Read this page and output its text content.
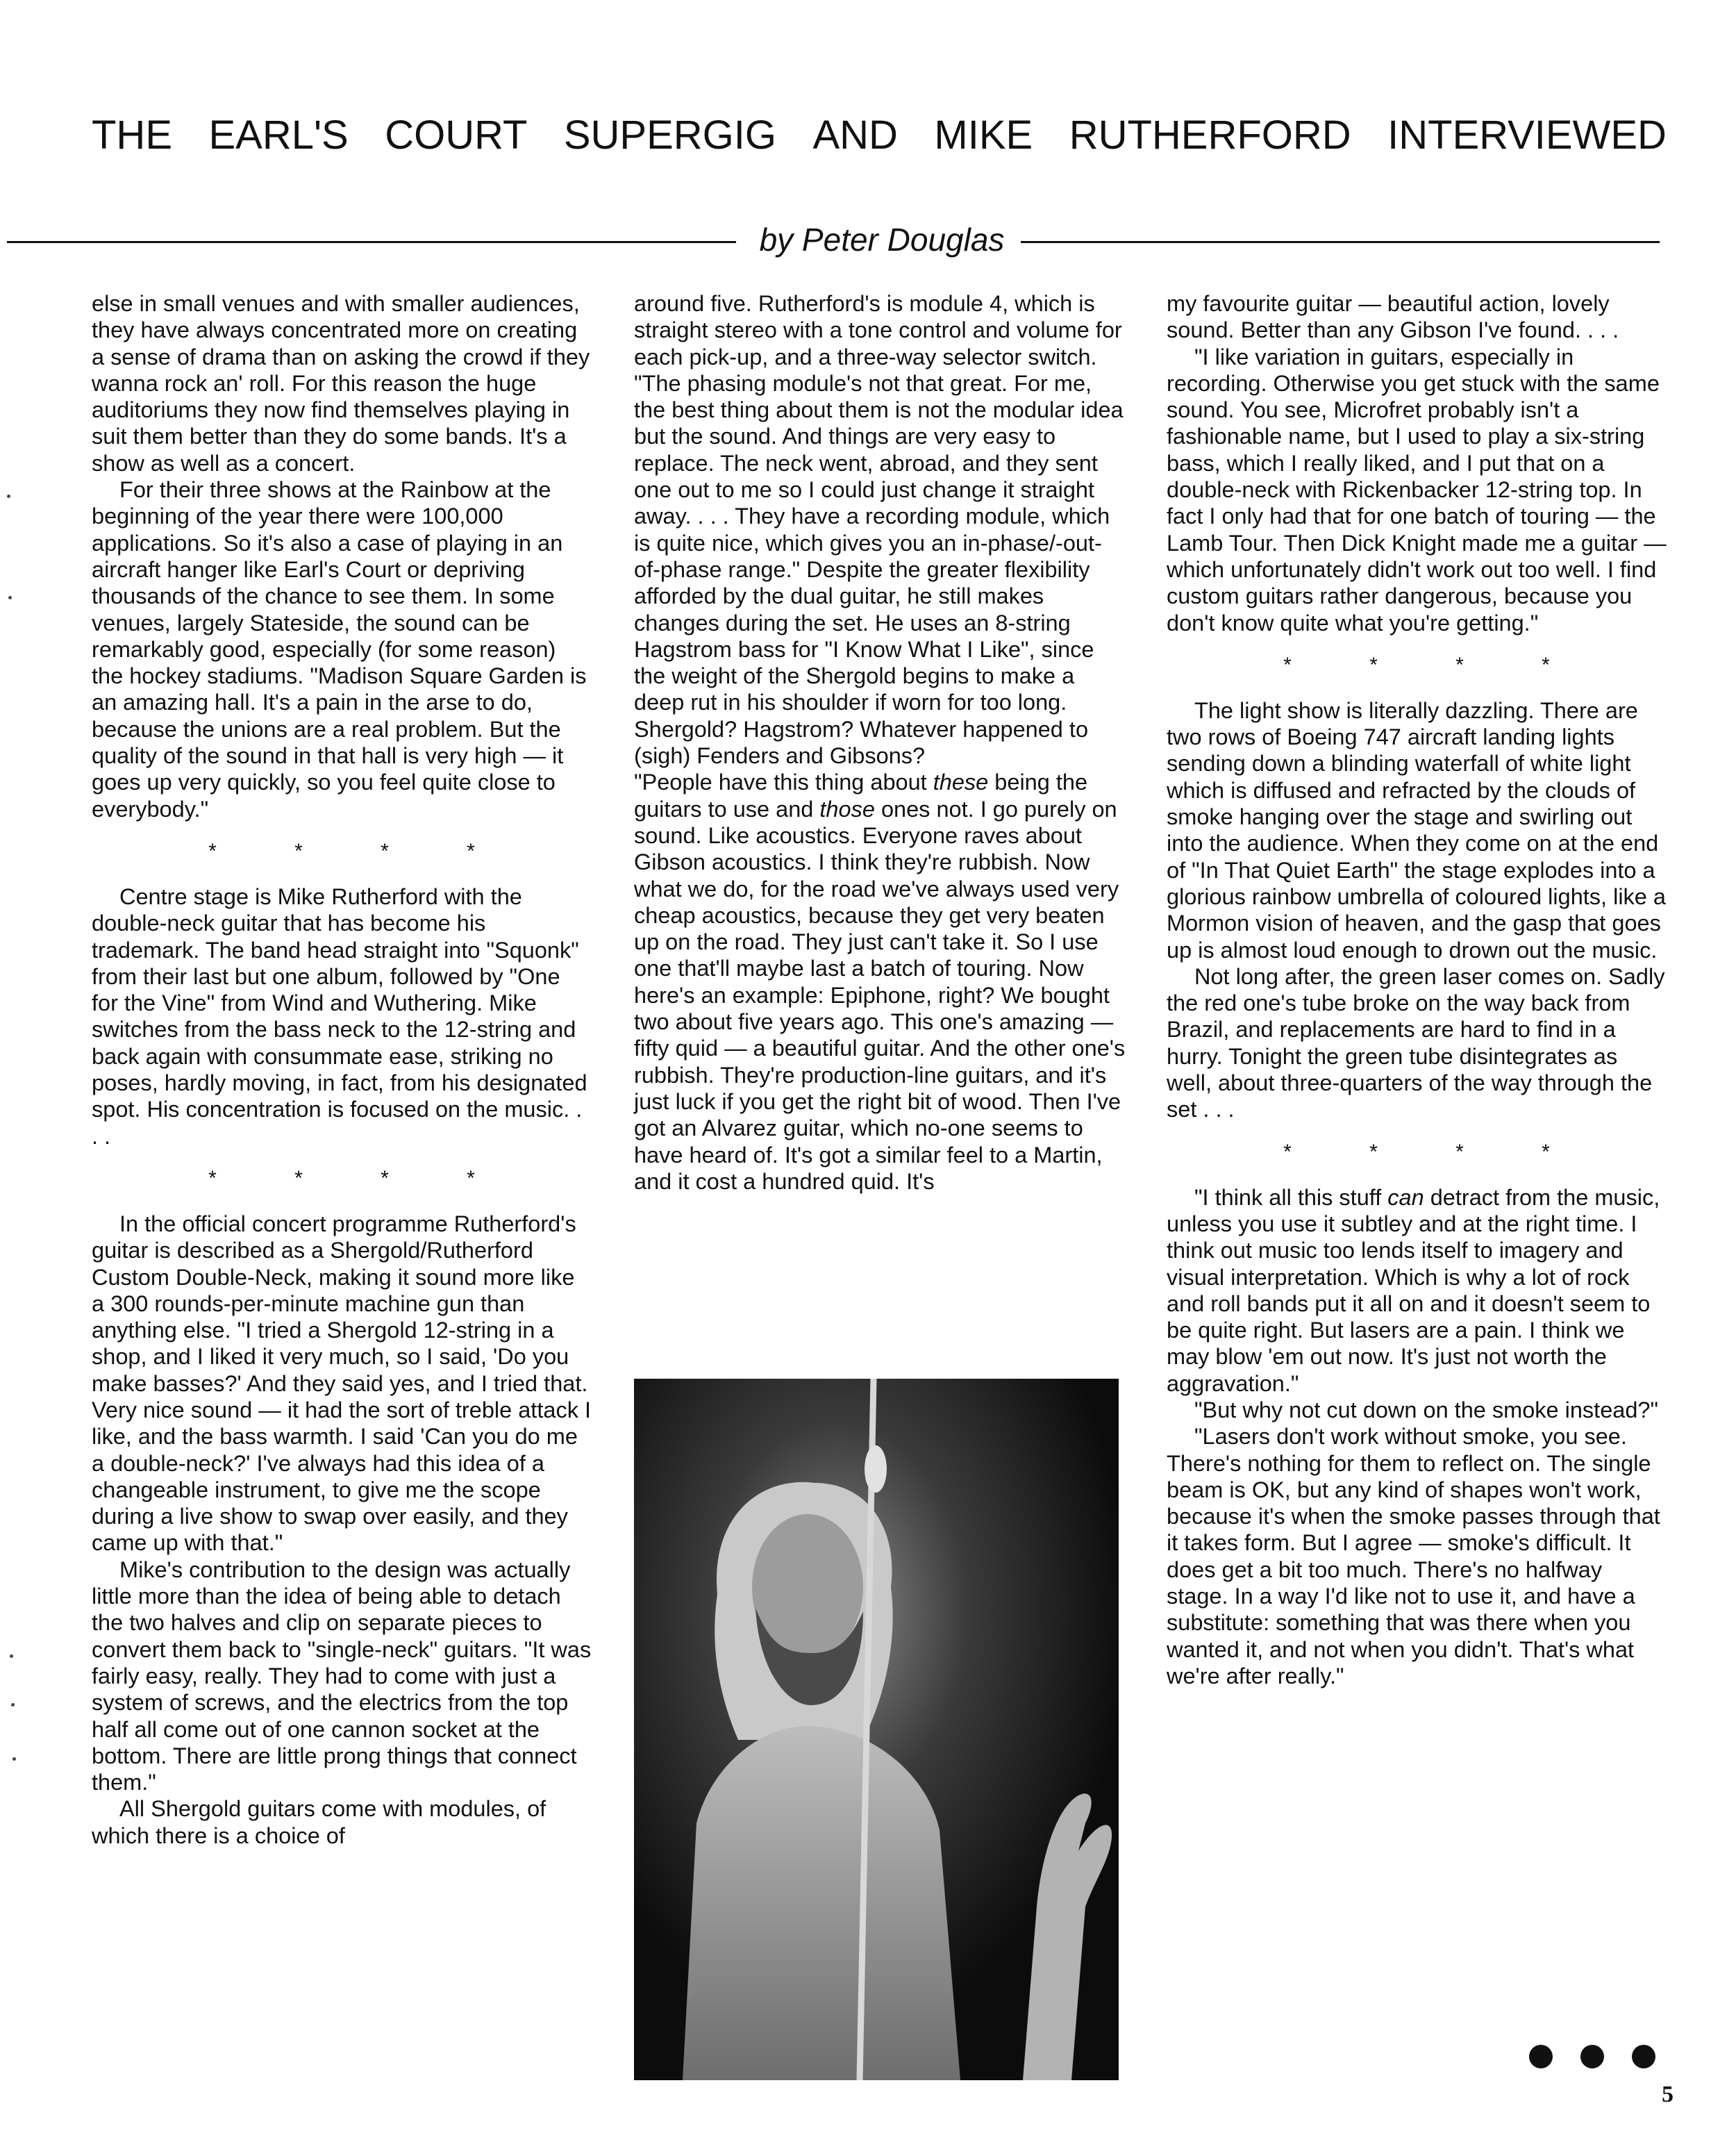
THE EARL'S COURT SUPERGIG AND MIKE RUTHERFORD INTERVIEWED
by Peter Douglas

else in small venues and with smaller audiences, they have always concentrated more on creating a sense of drama than on asking the crowd if they wanna rock an' roll. For this reason the huge auditoriums they now find themselves playing in suit them better than they do some bands. It's a show as well as a concert.

For their three shows at the Rainbow at the beginning of the year there were 100,000 applications. So it's also a case of playing in an aircraft hanger like Earl's Court or depriving thousands of the chance to see them. In some venues, largely Stateside, the sound can be remarkably good, especially (for some reason) the hockey stadiums. "Madison Square Garden is an amazing hall. It's a pain in the arse to do, because the unions are a real problem. But the quality of the sound in that hall is very high — it goes up very quickly, so you feel quite close to everybody."

* * * *

Centre stage is Mike Rutherford with the double-neck guitar that has become his trademark. The band head straight into "Squonk" from their last but one album, followed by "One for the Vine" from Wind and Wuthering. Mike switches from the bass neck to the 12-string and back again with consummate ease, striking no poses, hardly moving, in fact, from his designated spot. His concentration is focused on the music. . . .

* * * *

In the official concert programme Rutherford's guitar is described as a Shergold/Rutherford Custom Double-Neck, making it sound more like a 300 rounds-per-minute machine gun than anything else. "I tried a Shergold 12-string in a shop, and I liked it very much, so I said, 'Do you make basses?' And they said yes, and I tried that. Very nice sound — it had the sort of treble attack I like, and the bass warmth. I said 'Can you do me a double-neck?' I've always had this idea of a changeable instrument, to give me the scope during a live show to swap over easily, and they came up with that."

Mike's contribution to the design was actually little more than the idea of being able to detach the two halves and clip on separate pieces to convert them back to "single-neck" guitars. "It was fairly easy, really. They had to come with just a system of screws, and the electrics from the top half all come out of one cannon socket at the bottom. There are little prong things that connect them."

All Shergold guitars come with modules, of which there is a choice of

around five. Rutherford's is module 4, which is straight stereo with a tone control and volume for each pick-up, and a three-way selector switch. "The phasing module's not that great. For me, the best thing about them is not the modular idea but the sound. And things are very easy to replace. The neck went, abroad, and they sent one out to me so I could just change it straight away. . . . They have a recording module, which is quite nice, which gives you an in-phase/-out-of-phase range." Despite the greater flexibility afforded by the dual guitar, he still makes changes during the set. He uses an 8-string Hagstrom bass for "I Know What I Like", since the weight of the Shergold begins to make a deep rut in his shoulder if worn for too long. Shergold? Hagstrom? Whatever happened to (sigh) Fenders and Gibsons?

"People have this thing about these being the guitars to use and those ones not. I go purely on sound. Like acoustics. Everyone raves about Gibson acoustics. I think they're rubbish. Now what we do, for the road we've always used very cheap acoustics, because they get very beaten up on the road. They just can't take it. So I use one that'll maybe last a batch of touring. Now here's an example: Epiphone, right? We bought two about five years ago. This one's amazing — fifty quid — a beautiful guitar. And the other one's rubbish. They're production-line guitars, and it's just luck if you get the right bit of wood. Then I've got an Alvarez guitar, which no-one seems to have heard of. It's got a similar feel to a Martin, and it cost a hundred quid. It's

my favourite guitar — beautiful action, lovely sound. Better than any Gibson I've found. . . .

"I like variation in guitars, especially in recording. Otherwise you get stuck with the same sound. You see, Microfret probably isn't a fashionable name, but I used to play a six-string bass, which I really liked, and I put that on a double-neck with Rickenbacker 12-string top. In fact I only had that for one batch of touring — the Lamb Tour. Then Dick Knight made me a guitar — which unfortunately didn't work out too well. I find custom guitars rather dangerous, because you don't know quite what you're getting."

* * * *

The light show is literally dazzling. There are two rows of Boeing 747 aircraft landing lights sending down a blinding waterfall of white light which is diffused and refracted by the clouds of smoke hanging over the stage and swirling out into the audience. When they come on at the end of "In That Quiet Earth" the stage explodes into a glorious rainbow umbrella of coloured lights, like a Mormon vision of heaven, and the gasp that goes up is almost loud enough to drown out the music.

Not long after, the green laser comes on. Sadly the red one's tube broke on the way back from Brazil, and replacements are hard to find in a hurry. Tonight the green tube disintegrates as well, about three-quarters of the way through the set . . .

* * * *

"I think all this stuff can detract from the music, unless you use it subtley and at the right time. I think out music too lends itself to imagery and visual interpretation. Which is why a lot of rock and roll bands put it all on and it doesn't seem to be quite right. But lasers are a pain. I think we may blow 'em out now. It's just not worth the aggravation."

"But why not cut down on the smoke instead?"

"Lasers don't work without smoke, you see. There's nothing for them to reflect on. The single beam is OK, but any kind of shapes won't work, because it's when the smoke passes through that it takes form. But I agree — smoke's difficult. It does get a bit too much. There's no halfway stage. In a way I'd like not to use it, and have a substitute: something that was there when you wanted it, and not when you didn't. That's what we're after really."

5
